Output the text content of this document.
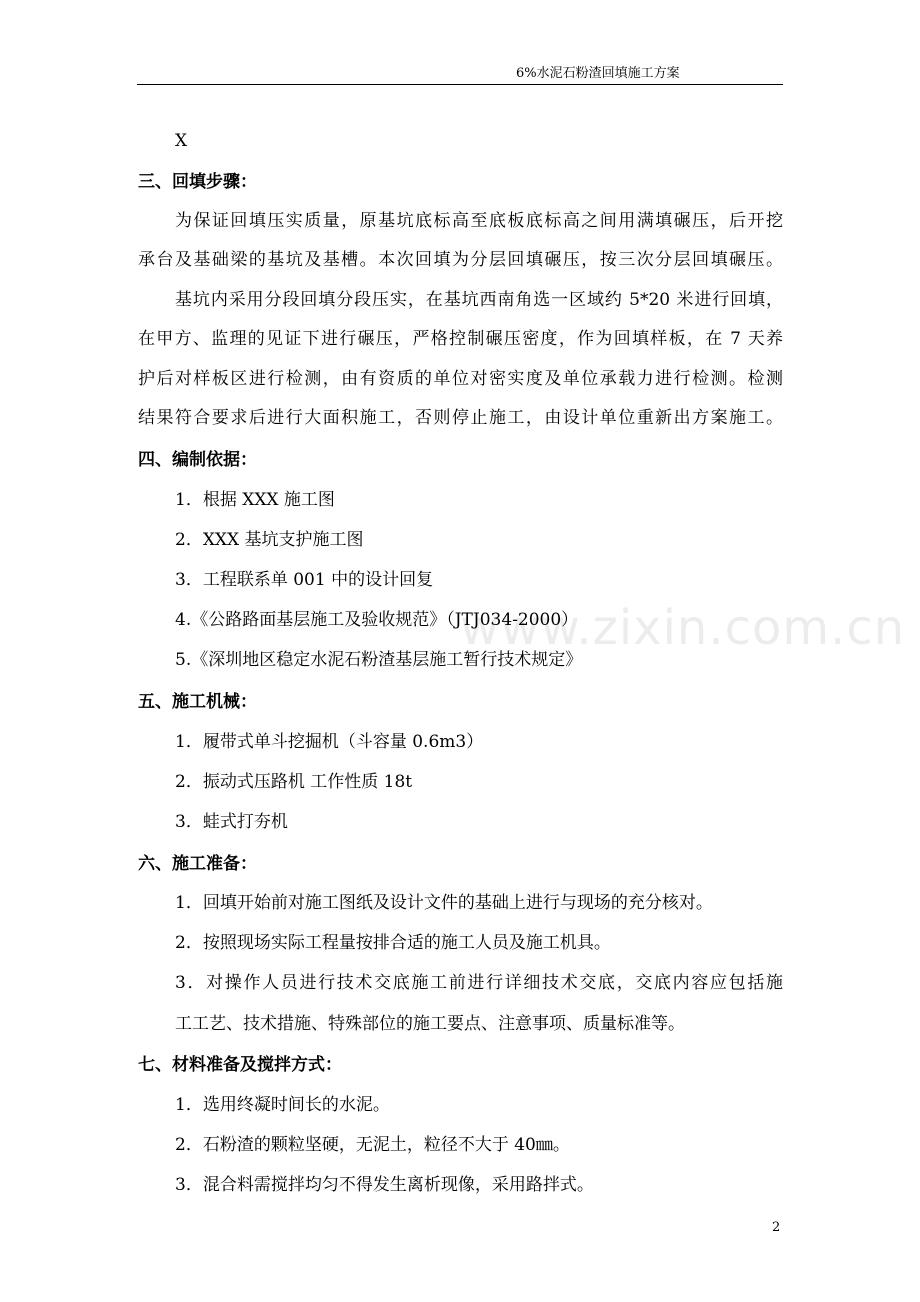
6%水泥石粉渣回填施工方案
X
三、回填步骤：
为保证回填压实质量，原基坑底标高至底板底标高之间用满填碾压，后开挖
承台及基础梁的基坑及基槽。本次回填为分层回填碾压，按三次分层回填碾压。
基坑内采用分段回填分段压实，在基坑西南角选一区域约 5*20 米进行回填，
在甲方、监理的见证下进行碾压，严格控制碾压密度，作为回填样板，在 7 天养
护后对样板区进行检测，由有资质的单位对密实度及单位承载力进行检测。检测
结果符合要求后进行大面积施工，否则停止施工，由设计单位重新出方案施工。
四、编制依据：
1．根据 XXX 施工图
2．XXX 基坑支护施工图
3．工程联系单 001 中的设计回复
4.《公路路面基层施工及验收规范》（JTJ034-2000）
5.《深圳地区稳定水泥石粉渣基层施工暂行技术规定》
五、施工机械：
1．履带式单斗挖掘机（斗容量 0.6m3）
2．振动式压路机 工作性质 18t
3．蛙式打夯机
六、施工准备：
1．回填开始前对施工图纸及设计文件的基础上进行与现场的充分核对。
2．按照现场实际工程量按排合适的施工人员及施工机具。
3．对操作人员进行技术交底施工前进行详细技术交底，交底内容应包括施
工工艺、技术措施、特殊部位的施工要点、注意事项、质量标准等。
七、材料准备及搅拌方式：
1．选用终凝时间长的水泥。
2．石粉渣的颗粒坚硬，无泥土，粒径不大于 40㎜。
3．混合料需搅拌均匀不得发生离析现像，采用路拌式。
www.zixin.com.cn
2
